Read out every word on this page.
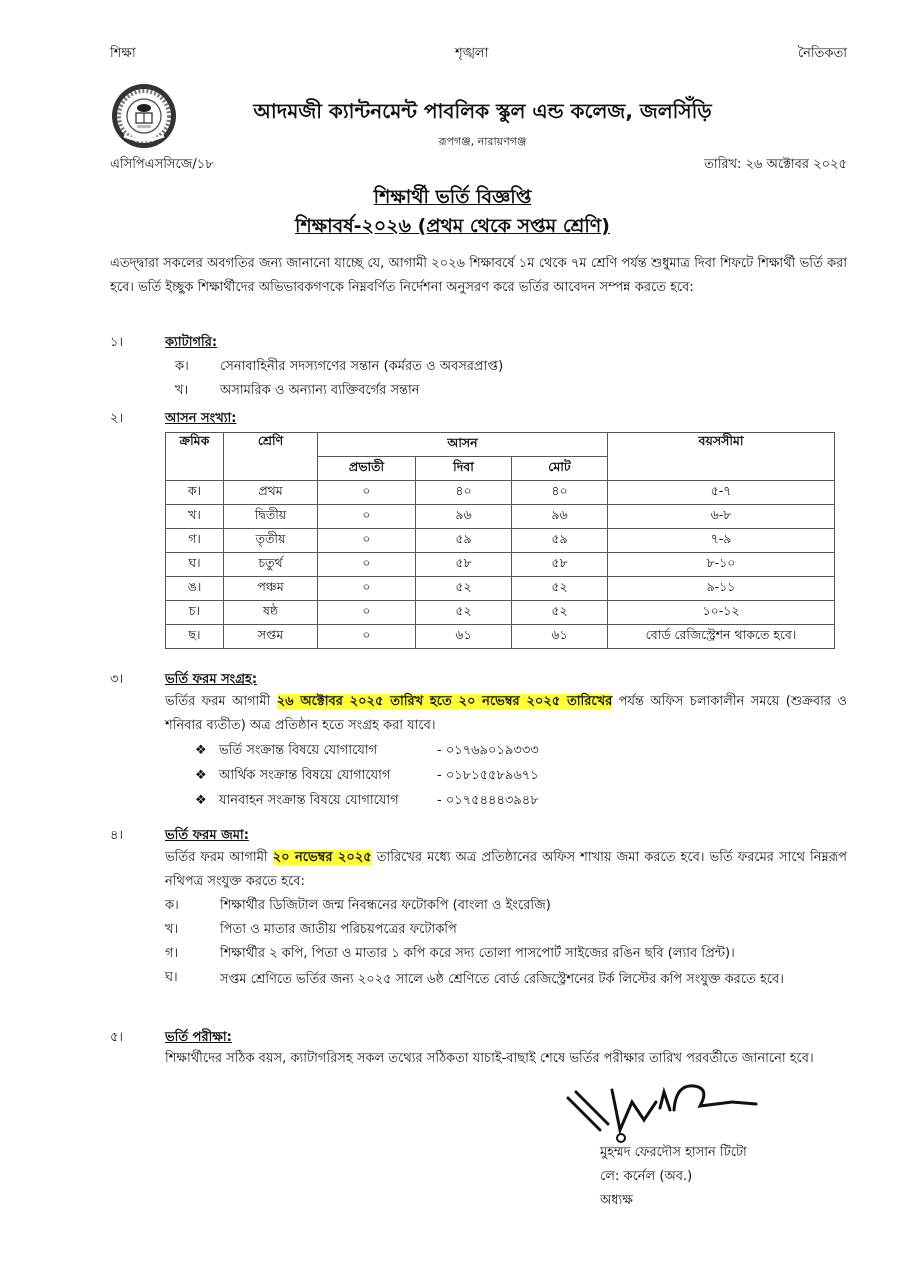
শিক্ষা	শৃঙ্খলা	নৈতিকতা
আদমজী ক্যান্টনমেন্ট পাবলিক স্কুল এন্ড কলেজ, জলসিঁড়ি
রূপগঞ্জ, নারায়ণগঞ্জ
এসিপিএসসিজে/১৮	তারিখ: ২৬ অক্টোবর ২০২৫
শিক্ষার্থী ভর্তি বিজ্ঞপ্তি
শিক্ষাবর্ষ-২০২৬ (প্রথম থেকে সপ্তম শ্রেণি)
এতদ্দ্বারা সকলের অবগতির জন্য জানানো যাচ্ছে যে, আগামী ২০২৬ শিক্ষাবর্ষে ১ম থেকে ৭ম শ্রেণি পর্যন্ত শুধুমাত্র দিবা শিফটে শিক্ষার্থী ভর্তি করা হবে। ভর্তি ইচ্ছুক শিক্ষার্থীদের অভিভাবকগণকে নিম্নবর্ণিত নির্দেশনা অনুসরণ করে ভর্তির আবেদন সম্পন্ন করতে হবে:
১।	ক্যাটাগরি:
ক। সেনাবাহিনীর সদস্যগণের সন্তান (কর্মরত ও অবসরপ্রাপ্ত)
খ। অসামরিক ও অন্যান্য ব্যক্তিবর্গের সন্তান
২।	আসন সংখ্যা:
ক্রমিক	শ্রেণি	আসন			বয়সসীমা
		প্রভাতী	দিবা	মোট	
ক।	প্রথম	০	৪০	৪০	৫-৭
খ।	দ্বিতীয়	০	৯৬	৯৬	৬-৮
গ।	তৃতীয়	০	৫৯	৫৯	৭-৯
ঘ।	চতুর্থ	০	৫৮	৫৮	৮-১০
ঙ।	পঞ্চম	০	৫২	৫২	৯-১১
চ।	ষষ্ঠ	০	৫২	৫২	১০-১২
ছ।	সপ্তম	০	৬১	৬১	বোর্ড রেজিস্ট্রেশন থাকতে হবে।
৩।	ভর্তি ফরম সংগ্রহ:
ভর্তির ফরম আগামী ২৬ অক্টোবর ২০২৫ তারিখ হতে ২০ নভেম্বর ২০২৫ তারিখের পর্যন্ত অফিস চলাকালীন সময়ে (শুক্রবার ও শনিবার ব্যতীত) অত্র প্রতিষ্ঠান হতে সংগ্রহ করা যাবে।
❖ ভর্তি সংক্রান্ত বিষয়ে যোগাযোগ	- ০১৭৬৯০১৯৩৩৩
❖ আর্থিক সংক্রান্ত বিষয়ে যোগাযোগ	- ০১৮১৫৫৮৯৬৭১
❖ যানবাহন সংক্রান্ত বিষয়ে যোগাযোগ	- ০১৭৫৪৪৪৩৯৪৮
৪।	ভর্তি ফরম জমা:
ভর্তির ফরম আগামী ২০ নভেম্বর ২০২৫ তারিখের মধ্যে অত্র প্রতিষ্ঠানের অফিস শাখায় জমা করতে হবে। ভর্তি ফরমের সাথে নিম্নরূপ নথিপত্র সংযুক্ত করতে হবে:
ক।	শিক্ষার্থীর ডিজিটাল জন্ম নিবন্ধনের ফটোকপি (বাংলা ও ইংরেজি)
খ।	পিতা ও মাতার জাতীয় পরিচয়পত্রের ফটোকপি
গ।	শিক্ষার্থীর ২ কপি, পিতা ও মাতার ১ কপি করে সদ্য তোলা পাসপোর্ট সাইজের রঙিন ছবি (ল্যাব প্রিন্ট)।
ঘ।	সপ্তম শ্রেণিতে ভর্তির জন্য ২০২৫ সালে ৬ষ্ঠ শ্রেণিতে বোর্ড রেজিস্ট্রেশনের টর্ক লিস্টের কপি সংযুক্ত করতে হবে।
৫।	ভর্তি পরীক্ষা:
শিক্ষার্থীদের সঠিক বয়স, ক্যাটাগরিসহ সকল তথ্যের সঠিকতা যাচাই-বাছাই শেষে ভর্তির পরীক্ষার তারিখ পরবর্তীতে জানানো হবে।
মুহম্মদ ফেরদৌস হাসান টিটো
লে: কর্নেল (অব.)
অধ্যক্ষ
